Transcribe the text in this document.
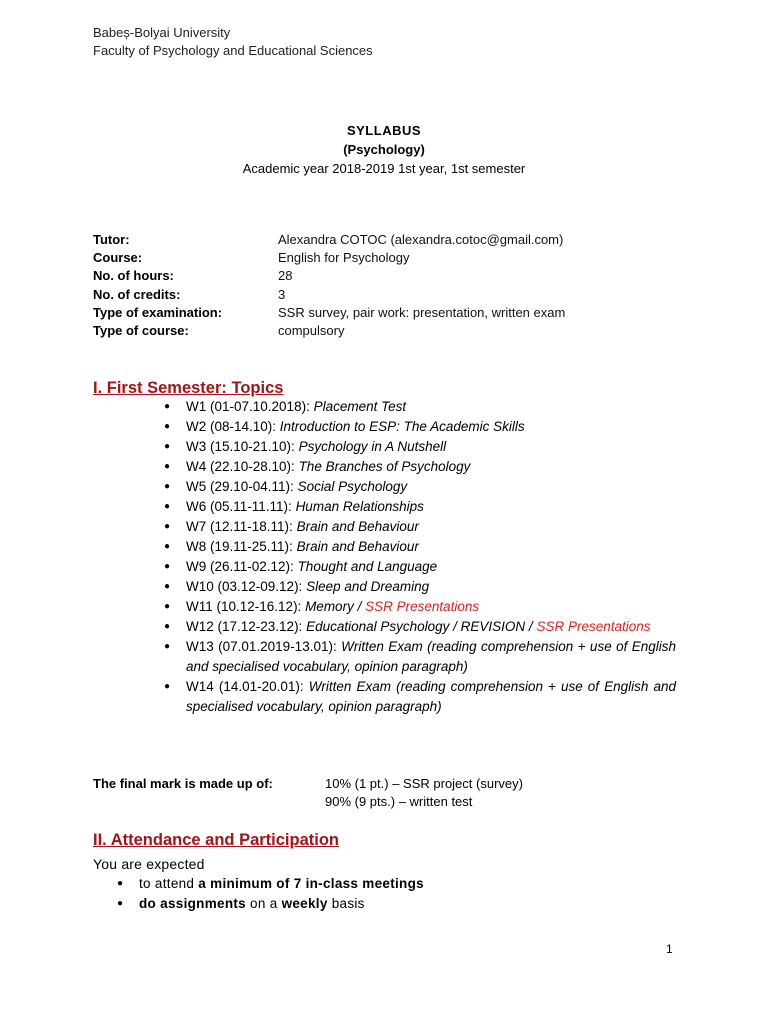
Babeș-Bolyai University
Faculty of Psychology and Educational Sciences
SYLLABUS
(Psychology)
Academic year 2018-2019 1st year, 1st semester
Tutor:	Alexandra COTOC (alexandra.cotoc@gmail.com)
Course:	English for Psychology
No. of hours:	28
No. of credits:	3
Type of examination:	SSR survey, pair work: presentation, written exam
Type of course:	compulsory
I. First Semester: Topics
● W1 (01-07.10.2018): Placement Test
● W2 (08-14.10): Introduction to ESP: The Academic Skills
● W3 (15.10-21.10): Psychology in A Nutshell
● W4 (22.10-28.10): The Branches of Psychology
● W5 (29.10-04.11): Social Psychology
● W6 (05.11-11.11): Human Relationships
● W7 (12.11-18.11): Brain and Behaviour
● W8 (19.11-25.11): Brain and Behaviour
● W9 (26.11-02.12): Thought and Language
● W10 (03.12-09.12): Sleep and Dreaming
● W11 (10.12-16.12): Memory / SSR Presentations
● W12 (17.12-23.12): Educational Psychology / REVISION / SSR Presentations
● W13 (07.01.2019-13.01): Written Exam (reading comprehension + use of English and specialised vocabulary, opinion paragraph)
● W14 (14.01-20.01): Written Exam (reading comprehension + use of English and specialised vocabulary, opinion paragraph)
The final mark is made up of:	10% (1 pt.) – SSR project (survey)
90% (9 pts.) – written test
II. Attendance and Participation
You are expected
● to attend a minimum of 7 in-class meetings
● do assignments on a weekly basis
1
